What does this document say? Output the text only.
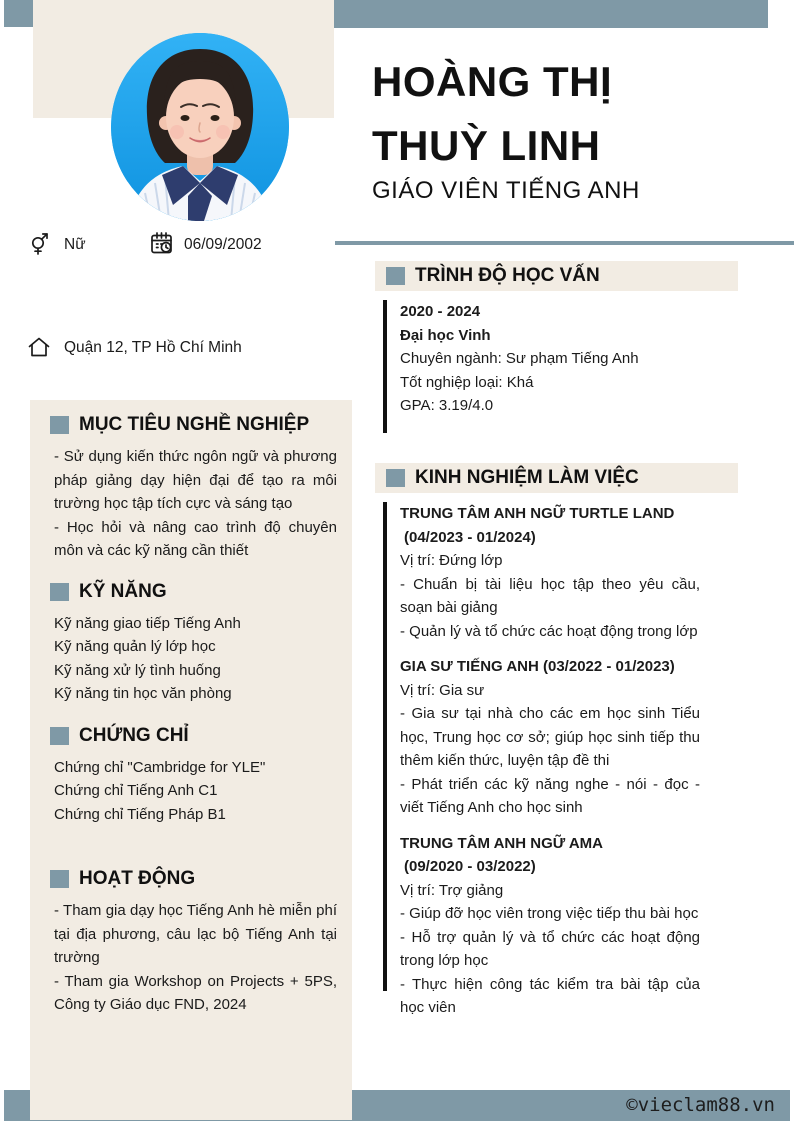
Nữ	06/09/2002
Quận 12, TP Hồ Chí Minh
HOÀNG THỊ
THUỲ LINH
GIÁO VIÊN TIẾNG ANH
MỤC TIÊU NGHỀ NGHIỆP
- Sử dụng kiến thức ngôn ngữ và phương pháp giảng dạy hiện đại để tạo ra môi trường học tập tích cực và sáng tạo
- Học hỏi và nâng cao trình độ chuyên môn và các kỹ năng cần thiết
KỸ NĂNG
Kỹ năng giao tiếp Tiếng Anh
Kỹ năng quản lý lớp học
Kỹ năng xử lý tình huống
Kỹ năng tin học văn phòng
CHỨNG CHỈ
Chứng chỉ "Cambridge for YLE"
Chứng chỉ Tiếng Anh C1
Chứng chỉ Tiếng Pháp B1
HOẠT ĐỘNG
- Tham gia dạy học Tiếng Anh hè miễn phí tại địa phương, câu lạc bộ Tiếng Anh tại trường
- Tham gia Workshop on Projects + 5PS, Công ty Giáo dục FND, 2024
TRÌNH ĐỘ HỌC VẤN
2020 - 2024
Đại học Vinh
Chuyên ngành: Sư phạm Tiếng Anh
Tốt nghiệp loại: Khá
GPA: 3.19/4.0
KINH NGHIỆM LÀM VIỆC
TRUNG TÂM ANH NGỮ TURTLE LAND
(04/2023 - 01/2024)
Vị trí: Đứng lớp
- Chuẩn bị tài liệu học tập theo yêu cầu, soạn bài giảng
- Quản lý và tổ chức các hoạt động trong lớp
GIA SƯ TIẾNG ANH (03/2022 - 01/2023)
Vị trí: Gia sư
- Gia sư tại nhà cho các em học sinh Tiểu học, Trung học cơ sở; giúp học sinh tiếp thu thêm kiến thức, luyện tập đề thi
- Phát triển các kỹ năng nghe - nói - đọc - viết Tiếng Anh cho học sinh
TRUNG TÂM ANH NGỮ AMA
(09/2020 - 03/2022)
Vị trí: Trợ giảng
- Giúp đỡ học viên trong việc tiếp thu bài học
- Hỗ trợ quản lý và tổ chức các hoạt động trong lớp học
- Thực hiện công tác kiểm tra bài tập của học viên
©vieclam88.vn
